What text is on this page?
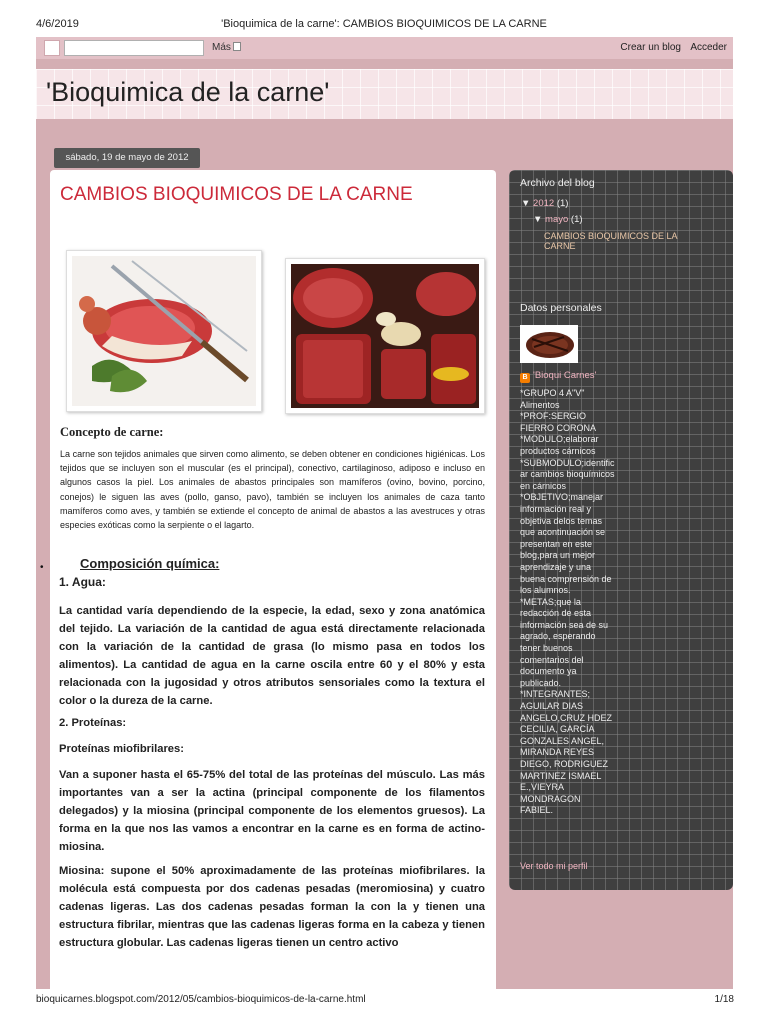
4/6/2019	'Bioquimica de la carne': CAMBIOS BIOQUIMICOS DE LA CARNE
Más	Crear un blog Acceder
'Bioquimica de la carne'
sábado, 19 de mayo de 2012
CAMBIOS BIOQUIMICOS DE LA CARNE
Concepto de carne:
La carne son tejidos animales que sirven como alimento, se deben obtener en condiciones higiénicas. Los tejidos que se incluyen son el muscular (es el principal), conectivo, cartilaginoso, adiposo e incluso en algunos casos la piel. Los animales de abastos principales son mamíferos (ovino, bovino, porcino, conejos) le siguen las aves (pollo, ganso, pavo), también se incluyen los animales de caza tanto mamíferos como aves, y también se extiende el concepto de animal de abastos a las avestruces y otras especies exóticas como la serpiente o el lagarto.
•	Composición química:
1. Agua:
La cantidad varía dependiendo de la especie, la edad, sexo y zona anatómica del tejido. La variación de la cantidad de agua está directamente relacionada con la variación de la cantidad de grasa (lo mismo pasa en todos los alimentos). La cantidad de agua en la carne oscila entre 60 y el 80% y esta relacionada con la jugosidad y otros atributos sensoriales como la textura el color o la dureza de la carne.
2. Proteínas:
Proteínas miofibrilares:
Van a suponer hasta el 65-75% del total de las proteínas del músculo. Las más importantes van a ser la actina (principal componente de los filamentos delegados) y la miosina (principal componente de los elementos gruesos). La forma en la que nos las vamos a encontrar en la carne es en forma de actino-miosina.
Miosina: supone el 50% aproximadamente de las proteínas miofibrilares. la molécula está compuesta por dos cadenas pesadas (meromiosina) y cuatro cadenas ligeras. Las dos cadenas pesadas forman la con la y tienen una estructura fibrilar, mientras que las cadenas ligeras forma en la cabeza y tienen estructura globular. Las cadenas ligeras tienen un centro activo
Archivo del blog
▼ 2012 (1)
▼ mayo (1)
CAMBIOS BIOQUIMICOS DE LA CARNE
Datos personales
B 'Bioqui Carnes'
*GRUPO 4 A"V" Alimentos
*PROF:SERGIO FIERRO CORONA
*MODULO;elaborar productos cárnicos
*SUBMODULO;identificar cambios bioquímicos en cárnicos
*OBJETIVO;manejar información real y objetiva delos temas que acontinuación se presentan en este blog,para un mejor aprendizaje y una buena comprensión de los alumnos.
*METAS;que la redacción de esta información sea de su agrado, esperando tener buenos comentarios del documento ya publicado.
*INTEGRANTES; AGUILAR DIAS ANGELO,CRUZ HDEZ CECILIA, GARCÍA GONZALES ANGEL, MIRANDA REYES DIEGO, RODRIGUEZ MARTINEZ ISMAEL E.,VIEYRA MONDRAGON FABIEL.
Ver todo mi perfil
bioquicarnes.blogspot.com/2012/05/cambios-bioquimicos-de-la-carne.html	1/18
